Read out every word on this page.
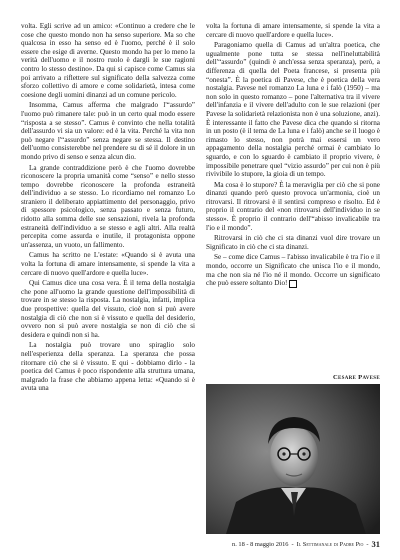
volta. Egli scrive ad un amico: «Continuo a credere che le cose che questo mondo non ha senso superiore. Ma so che qualcosa in esso ha senso ed è l'uomo, perché è il solo essere che esige di averne. Questo mondo ha per lo meno la verità dell'uomo e il nostro ruolo è dargli le sue ragioni contro lo stesso destino». Da qui si capisce come Camus sia poi arrivato a riflettere sul significato della salvezza come sforzo collettivo di amore e come solidarietà, intesa come coesione degli uomini dinanzi ad un comune pericolo.

Insomma, Camus afferma che malgrado l'“assurdo” l'uomo può rimanere tale: può in un certo qual modo essere “risposta a se stesso”. Camus è convinto che nella totalità dell'assurdo vi sia un valore: ed è la vita. Perché la vita non può negare l'“assurdo” senza negare se stessa. Il destino dell'uomo consisterebbe nel prendere su di sé il dolore in un mondo privo di senso e senza alcun dio.

La grande contraddizione però è che l'uomo dovrebbe riconoscere la propria umanità come “senso” e nello stesso tempo dovrebbe riconoscere la profonda estraneità dell'individuo a se stesso. Lo ricordiamo nel romanzo Lo straniero il deliberato appiattimento del personaggio, privo di spessore psicologico, senza passato e senza futuro, ridotto alla somma delle sue sensazioni, rivela la profonda estraneità dell'individuo a se stesso e agli altri. Alla realtà percepita come assurda e inutile, il protagonista oppone un'assenza, un vuoto, un fallimento.

Camus ha scritto ne L'estate: «Quando si è avuta una volta la fortuna di amare intensamente, si spende la vita a cercare di nuovo quell'ardore e quella luce».

Qui Camus dice una cosa vera. È il tema della nostalgia che pone all'uomo la grande questione dell'impossibilità di trovare in se stesso la risposta. La nostalgia, infatti, implica due prospettive: quella del vissuto, cioè non si può avere nostalgia di ciò che non si è vissuto e quella del desiderio, ovvero non si può avere nostalgia se non di ciò che si desidera e quindi non si ha.

La nostalgia può trovare uno spiraglio solo nell'esperienza della speranza. La speranza che possa ritornare ciò che si è vissuto. E qui - dobbiamo dirlo - la poetica del Camus è poco rispondente alla struttura umana, malgrado la frase che abbiamo appena letta: «Quando si è avuta una

volta la fortuna di amare intensamente, si spende la vita a cercare di nuovo quell'ardore e quella luce».

Paragoniamo quella di Camus ad un'altra poetica, che ugualmente pone tutta se stessa nell'ineluttabilità dell'“assurdo” (quindi è anch'essa senza speranza), però, a differenza di quella del Poeta francese, si presenta più “onesta”. È la poetica di Pavese, che è poetica della vera nostalgia. Pavese nel romanzo La luna e i falò (1950) – ma non solo in questo romanzo – pone l'alternativa tra il vivere dell'infanzia e il vivere dell'adulto con le sue relazioni (per Pavese la solidarietà relazionista non è una soluzione, anzi). È interessante il fatto che Pavese dica che quando si ritorna in un posto (è il tema de La luna e i falò) anche se il luogo è rimasto lo stesso, non potrà mai essersi un vero appagamento della nostalgia perché ormai è cambiato lo sguardo, e con lo sguardo è cambiato il proprio vivere, è impossibile penetrare quel “vizio assurdo” per cui non è più rivivibile lo stupore, la gioia di un tempo.

Ma cosa è lo stupore? È la meraviglia per ciò che si pone dinanzi quando però questo provoca un'armonia, cioè un ritrovarsi. Il ritrovarsi è il sentirsi compreso e risolto. Ed è proprio il contrario del «non ritrovarsi dell'individuo in se stesso». È proprio il contrario dell'“abisso invalicabile tra l'io e il mondo”.

Ritrovarsi in ciò che ci sta dinanzi vuol dire trovare un Significato in ciò che ci sta dinanzi.

Se – come dice Camus – l'abisso invalicabile è tra l'io e il mondo, occorre un Significato che unisca l'io e il mondo, ma che non sia né l'io né il mondo. Occorre un significato che può essere soltanto Dio!

Cesare Pavese
n. 18 - 8 maggio 2016 - Il Settimanale di Padre Pio - 31
